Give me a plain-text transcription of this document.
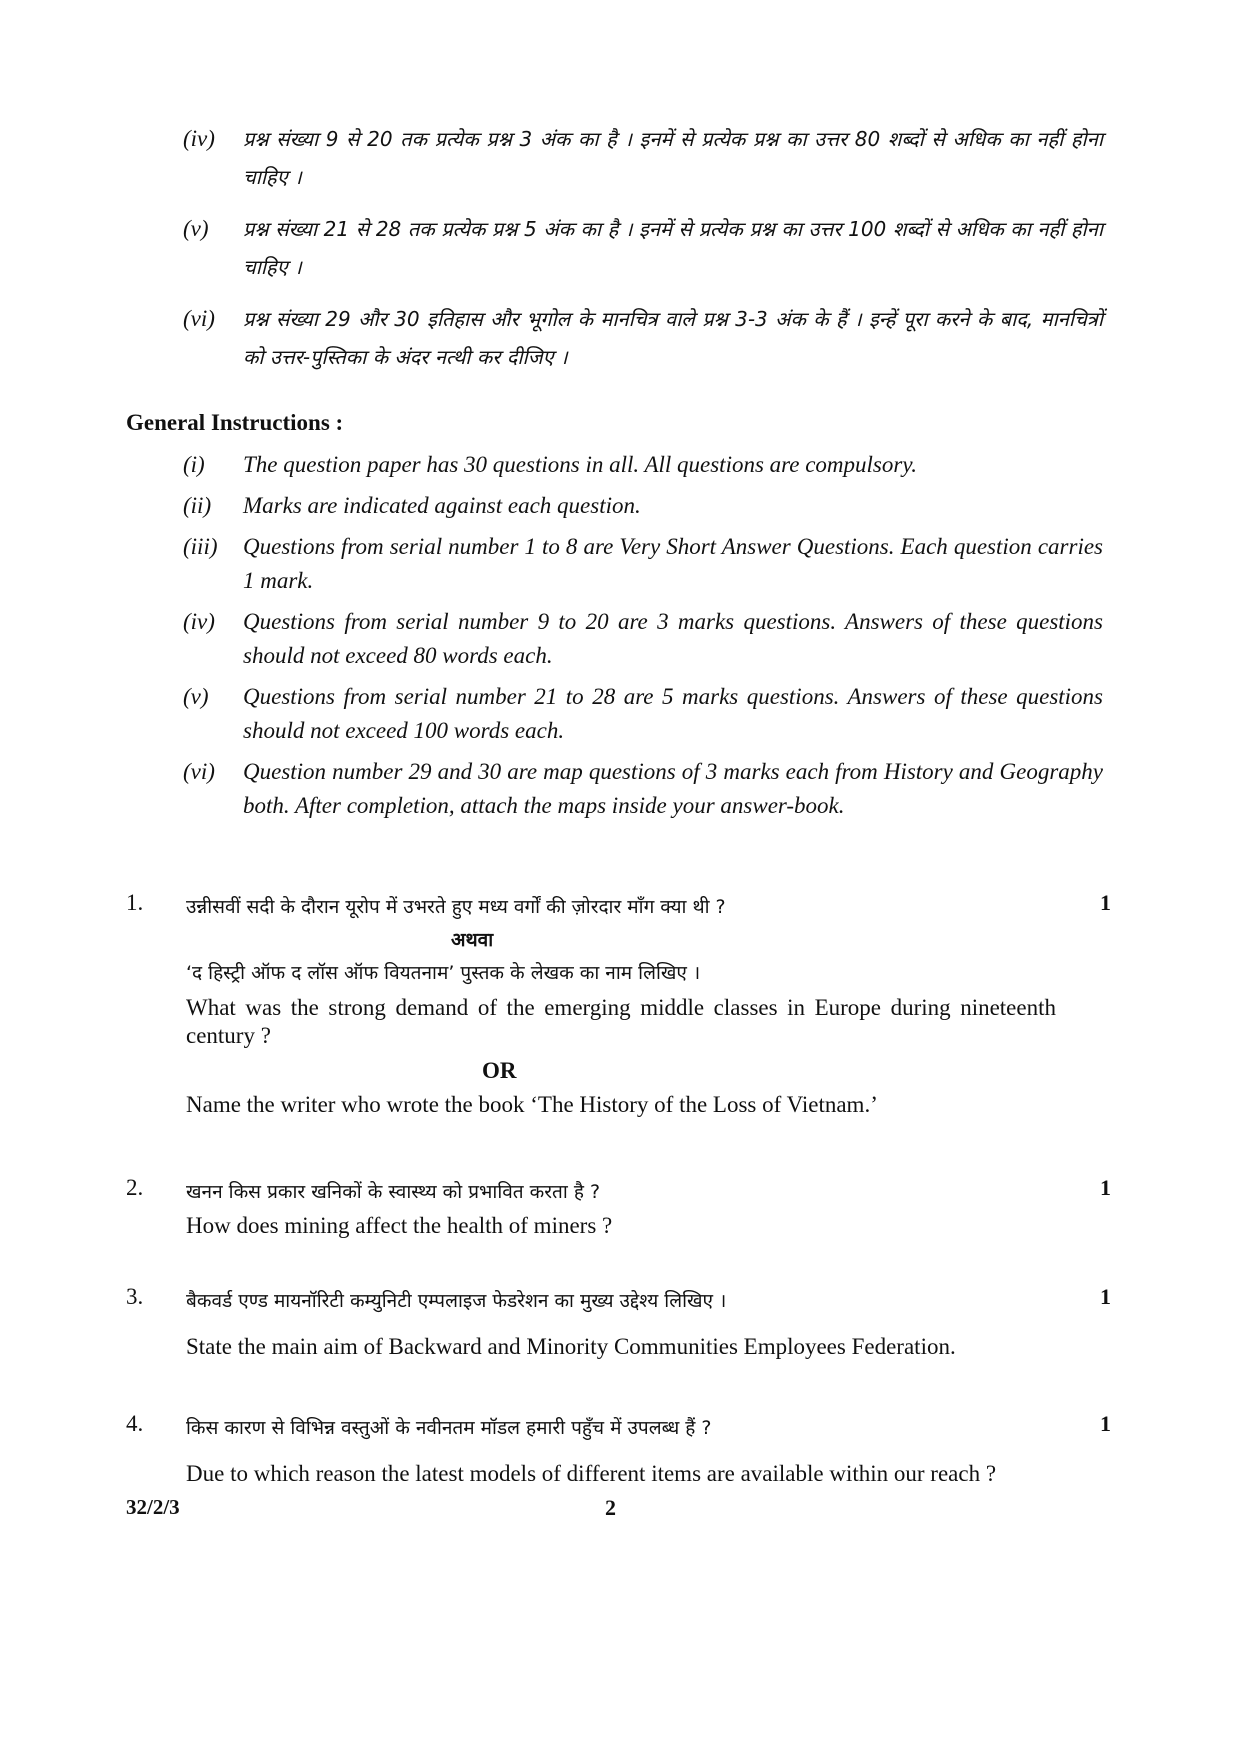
(iv)	प्रश्न संख्या 9 से 20 तक प्रत्येक प्रश्न 3 अंक का है । इनमें से प्रत्येक प्रश्न का उत्तर 80 शब्दों से अधिक का नहीं होना चाहिए ।
(v)	प्रश्न संख्या 21 से 28 तक प्रत्येक प्रश्न 5 अंक का है । इनमें से प्रत्येक प्रश्न का उत्तर 100 शब्दों से अधिक का नहीं होना चाहिए ।
(vi)	प्रश्न संख्या 29 और 30 इतिहास और भूगोल के मानचित्र वाले प्रश्न 3-3 अंक के हैं । इन्हें पूरा करने के बाद, मानचित्रों को उत्तर-पुस्तिका के अंदर नत्थी कर दीजिए ।
General Instructions :
(i)	The question paper has 30 questions in all. All questions are compulsory.
(ii)	Marks are indicated against each question.
(iii)	Questions from serial number 1 to 8 are Very Short Answer Questions. Each question carries 1 mark.
(iv)	Questions from serial number 9 to 20 are 3 marks questions. Answers of these questions should not exceed 80 words each.
(v)	Questions from serial number 21 to 28 are 5 marks questions. Answers of these questions should not exceed 100 words each.
(vi)	Question number 29 and 30 are map questions of 3 marks each from History and Geography both. After completion, attach the maps inside your answer-book.
1.	1
उन्नीसवीं सदी के दौरान यूरोप में उभरते हुए मध्य वर्गों की ज़ोरदार माँग क्या थी ?
अथवा
‘द हिस्ट्री ऑफ द लॉस ऑफ वियतनाम’ पुस्तक के लेखक का नाम लिखिए ।
What was the strong demand of the emerging middle classes in Europe during nineteenth century ?
OR
Name the writer who wrote the book ‘The History of the Loss of Vietnam.’
2.	1
खनन किस प्रकार खनिकों के स्वास्थ्य को प्रभावित करता है ?
How does mining affect the health of miners ?
3.	1
बैकवर्ड एण्ड मायनॉरिटी कम्युनिटी एम्पलाइज फेडरेशन का मुख्य उद्देश्य लिखिए ।
State the main aim of Backward and Minority Communities Employees Federation.
4.	1
किस कारण से विभिन्न वस्तुओं के नवीनतम मॉडल हमारी पहुँच में उपलब्ध हैं ?
Due to which reason the latest models of different items are available within our reach ?
32/2/3	2
